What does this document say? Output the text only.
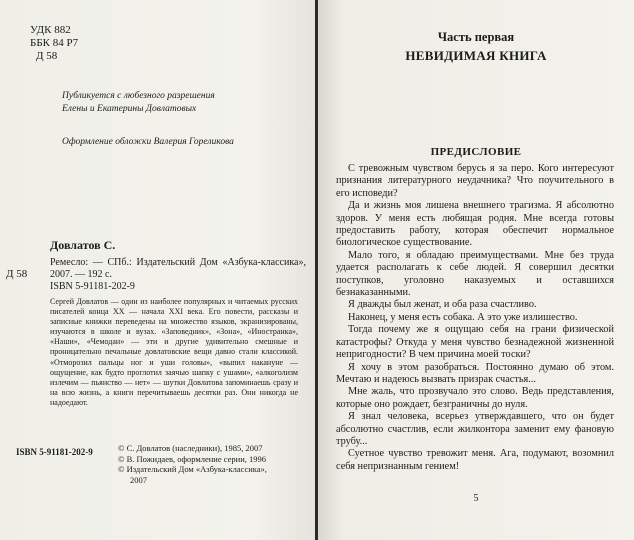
УДК 882
ББК 84 Р7
Д 58
Публикуется с любезного разрешения
Елены и Екатерины Довлатовых
Оформление обложки Валерия Гореликова
Д 58
Довлатов С.
Ремесло: — СПб.: Издательский Дом «Азбука-классика», 2007. — 192 с.
ISBN 5-91181-202-9
Сергей Довлатов — один из наиболее популярных и читаемых русских писателей конца XX — начала XXI века. Его повести, рассказы и записные книжки переведены на множество языков, экранизированы, изучаются в школе и вузах. «Заповедник», «Зона», «Иностранка», «Наши», «Чемодан» — эти и другие удивительно смешные и проницательно печальные довлатовские вещи давно стали классикой. «Отморозил пальцы ног и уши головы», «выпил накануне — ощущение, как будто проглотил заячью шапку с ушами», «алкоголизм излечим — пьянство — нет» — шутки Довлатова запоминаешь сразу и на всю жизнь, а книги перечитываешь десятки раз. Они никогда не надоедают.
ISBN 5-91181-202-9	© С. Довлатов (наследники), 1985, 2007
© В. Пожидаев, оформление серии, 1996
© Издательский Дом «Азбука-классика»,
2007
Часть первая
НЕВИДИМАЯ КНИГА
ПРЕДИСЛОВИЕ

С тревожным чувством берусь я за перо. Кого интересуют признания литературного неудачника? Что поучительного в его исповеди?

Да и жизнь моя лишена внешнего трагизма. Я абсолютно здоров. У меня есть любящая родня. Мне всегда готовы предоставить работу, которая обеспечит нормальное биологическое существование.

Мало того, я обладаю преимуществами. Мне без труда удается располагать к себе людей. Я совершил десятки поступков, уголовно наказуемых и оставшихся безнаказанными.

Я дважды был женат, и оба раза счастливо.

Наконец, у меня есть собака. А это уже излишество.

Тогда почему же я ощущаю себя на грани физической катастрофы? Откуда у меня чувство безнадежной жизненной непригодности? В чем причина моей тоски?

Я хочу в этом разобраться. Постоянно думаю об этом. Мечтаю и надеюсь вызвать призрак счастья...

Мне жаль, что прозвучало это слово. Ведь представления, которые оно рождает, безграничны до нуля.

Я знал человека, всерьез утверждавшего, что он будет абсолютно счастлив, если жилконтора заменит ему фановую трубу...

Суетное чувство тревожит меня. Ага, подумают, возомнил себя непризнанным гением!

5
